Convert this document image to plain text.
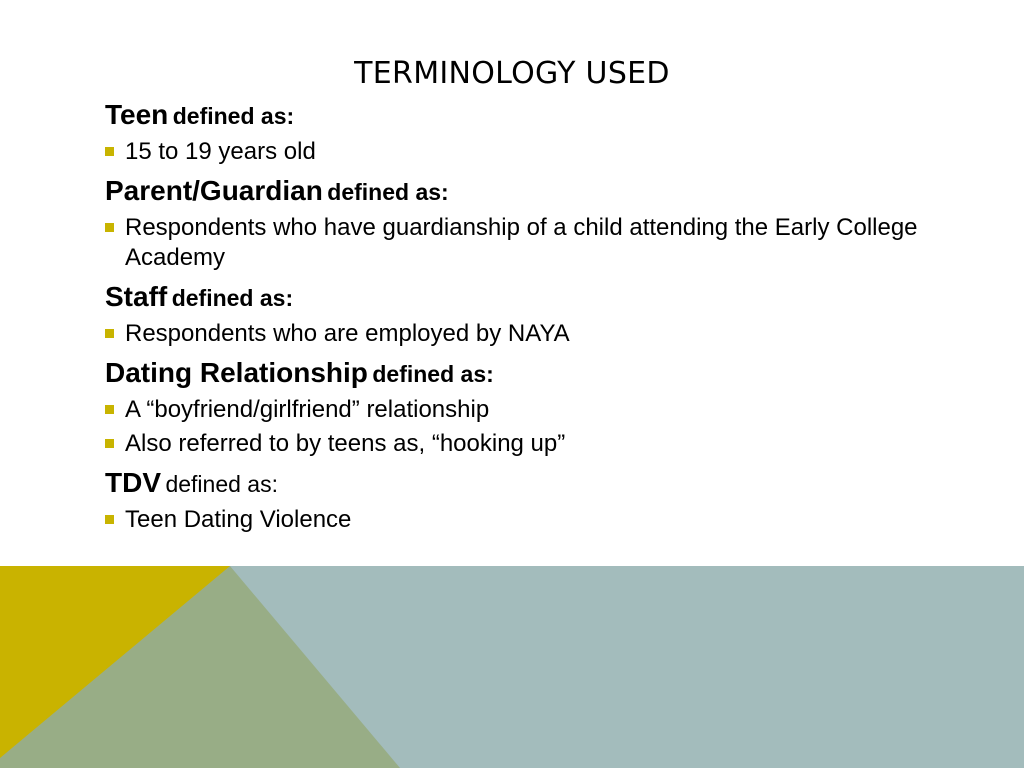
TERMINOLOGY USED

Teen defined as:

15 to 19 years old

Parent/Guardian defined as:

Respondents who have guardianship of a child attending the Early College Academy

Staff defined as:

Respondents who are employed by NAYA

Dating Relationship defined as:

A “boyfriend/girlfriend” relationship
Also referred to by teens as, “hooking up”

TDV defined as:

Teen Dating Violence
